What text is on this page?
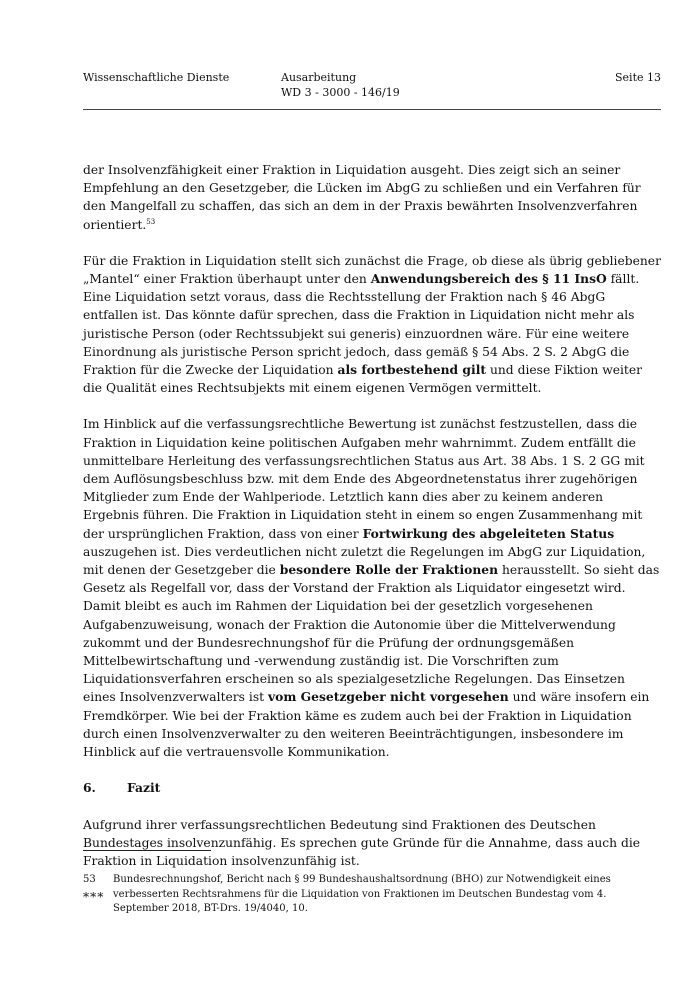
Wissenschaftliche Dienste	Ausarbeitung
WD 3 - 3000 - 146/19
Seite 13

der Insolvenzfähigkeit einer Fraktion in Liquidation ausgeht. Dies zeigt sich an seiner Empfehlung an den Gesetzgeber, die Lücken im AbgG zu schließen und ein Verfahren für den Mangelfall zu schaffen, das sich an dem in der Praxis bewährten Insolvenzverfahren orientiert.$^{53}$

Für die Fraktion in Liquidation stellt sich zunächst die Frage, ob diese als übrig gebliebener „Mantel“ einer Fraktion überhaupt unter den Anwendungsbereich des § 11 InsO fällt. Eine Liquidation setzt voraus, dass die Rechtsstellung der Fraktion nach § 46 AbgG entfallen ist. Das könnte dafür sprechen, dass die Fraktion in Liquidation nicht mehr als juristische Person (oder Rechtssubjekt sui generis) einzuordnen wäre. Für eine weitere Einordnung als juristische Person spricht jedoch, dass gemäß § 54 Abs. 2 S. 2 AbgG die Fraktion für die Zwecke der Liquidation als fortbestehend gilt und diese Fiktion weiter die Qualität eines Rechtsubjekts mit einem eigenen Vermögen vermittelt.

Im Hinblick auf die verfassungsrechtliche Bewertung ist zunächst festzustellen, dass die Fraktion in Liquidation keine politischen Aufgaben mehr wahrnimmt. Zudem entfällt die unmittelbare Herleitung des verfassungsrechtlichen Status aus Art. 38 Abs. 1 S. 2 GG mit dem Auflösungsbeschluss bzw. mit dem Ende des Abgeordnetenstatus ihrer zugehörigen Mitglieder zum Ende der Wahlperiode. Letztlich kann dies aber zu keinem anderen Ergebnis führen. Die Fraktion in Liquidation steht in einem so engen Zusammenhang mit der ursprünglichen Fraktion, dass von einer Fortwirkung des abgeleiteten Status auszugehen ist. Dies verdeutlichen nicht zuletzt die Regelungen im AbgG zur Liquidation, mit denen der Gesetzgeber die besondere Rolle der Fraktionen herausstellt. So sieht das Gesetz als Regelfall vor, dass der Vorstand der Fraktion als Liquidator eingesetzt wird. Damit bleibt es auch im Rahmen der Liquidation bei der gesetzlich vorgesehenen Aufgabenzuweisung, wonach der Fraktion die Autonomie über die Mittelverwendung zukommt und der Bundesrechnungshof für die Prüfung der ordnungsgemäßen Mittelbewirtschaftung und -verwendung zuständig ist. Die Vorschriften zum Liquidationsverfahren erscheinen so als spezialgesetzliche Regelungen. Das Einsetzen eines Insolvenzverwalters ist vom Gesetzgeber nicht vorgesehen und wäre insofern ein Fremdkörper. Wie bei der Fraktion käme es zudem auch bei der Fraktion in Liquidation durch einen Insolvenzverwalter zu den weiteren Beeinträchtigungen, insbesondere im Hinblick auf die vertrauensvolle Kommunikation.

6.	Fazit

Aufgrund ihrer verfassungsrechtlichen Bedeutung sind Fraktionen des Deutschen Bundestages insolvenzunfähig. Es sprechen gute Gründe für die Annahme, dass auch die Fraktion in Liquidation insolvenzunfähig ist.

***

53 Bundesrechnungshof, Bericht nach § 99 Bundeshaushaltsordnung (BHO) zur Notwendigkeit eines verbesserten Rechtsrahmens für die Liquidation von Fraktionen im Deutschen Bundestag vom 4. September 2018, BT-Drs. 19/4040, 10.
